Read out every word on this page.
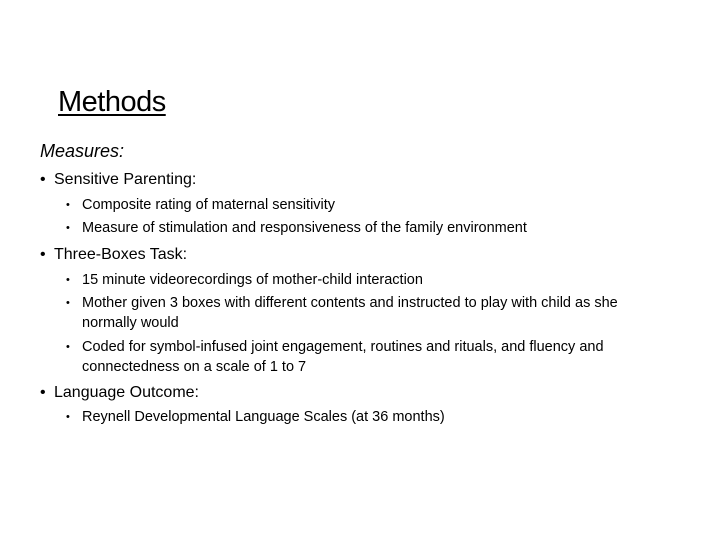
Methods
Measures:
• Sensitive Parenting:
• Composite rating of maternal sensitivity
• Measure of stimulation and responsiveness of the family environment
• Three-Boxes Task:
• 15 minute videorecordings of mother-child interaction
• Mother given 3 boxes with different contents and instructed to play with child as she normally would
• Coded for symbol-infused joint engagement, routines and rituals, and fluency and connectedness on a scale of 1 to 7
• Language Outcome:
• Reynell Developmental Language Scales (at 36 months)
